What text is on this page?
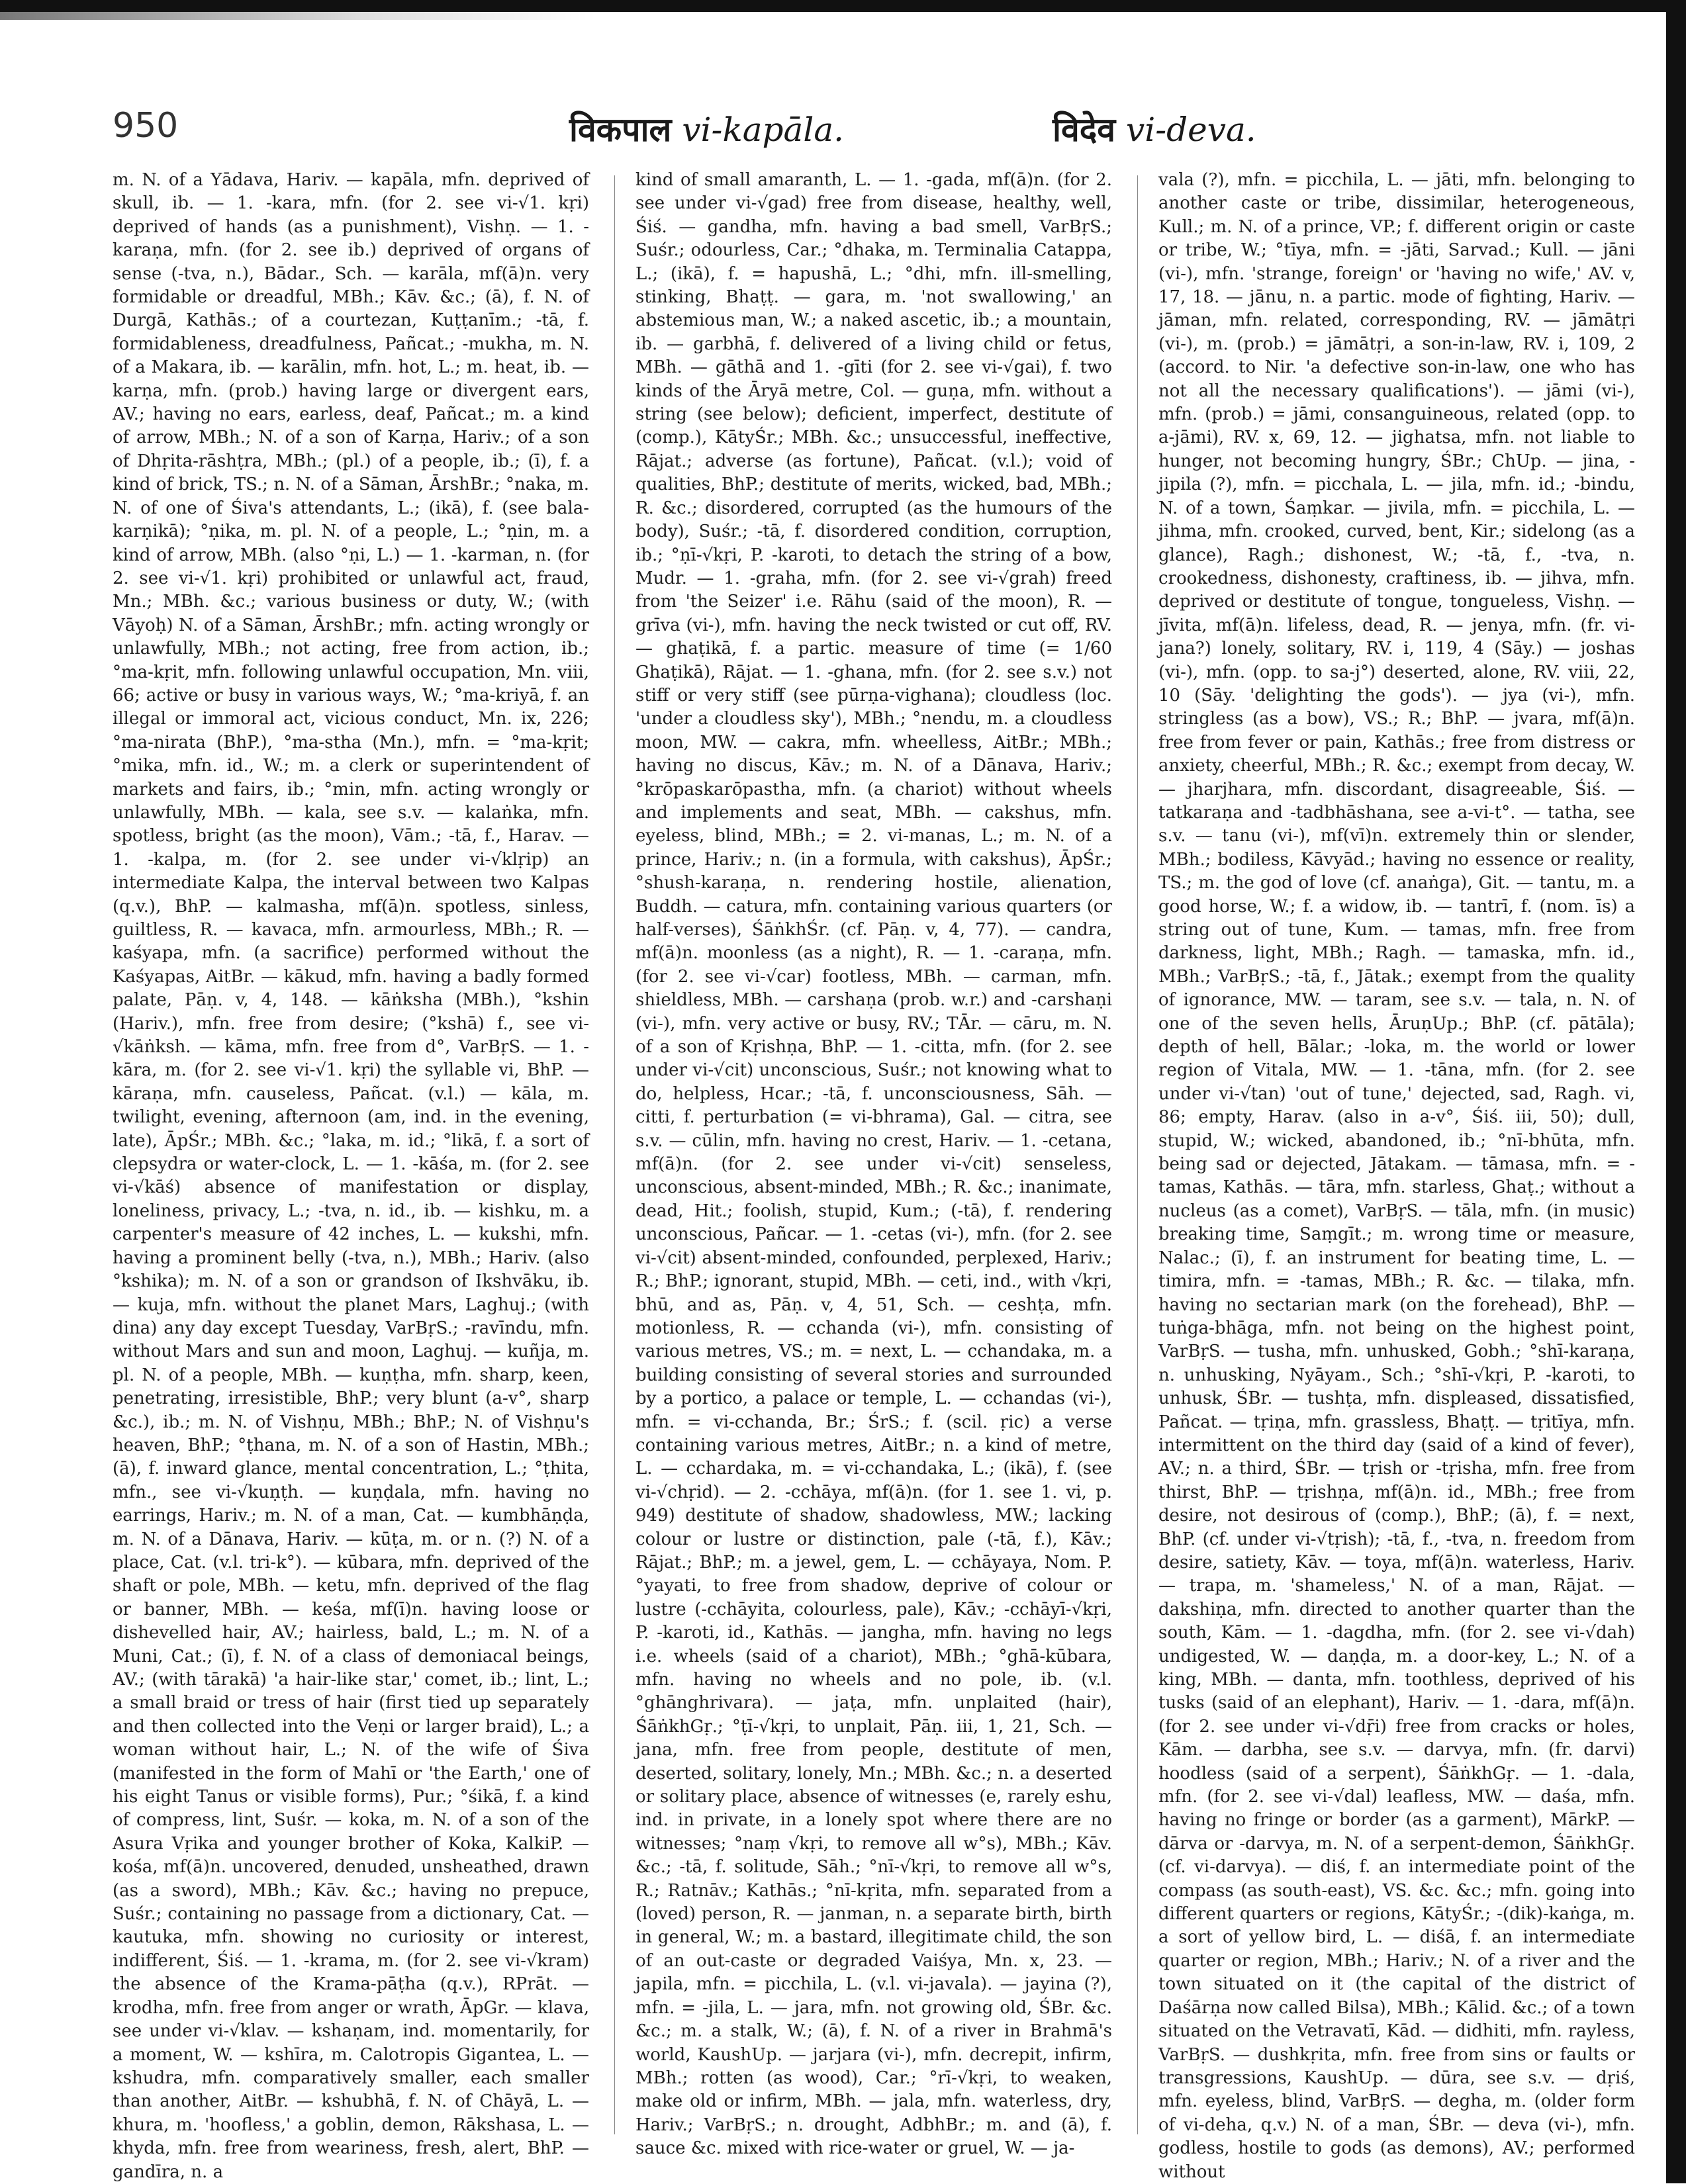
950	विकपाल vi-kapāla.	विदेव vi-deva.
m. N. of a Yādava, Hariv. — kapāla, mfn. deprived of skull, ib. — 1. -kara, mfn. (for 2. see vi-√1. kṛi) deprived of hands (as a punishment), Vishṇ. — 1. -karaṇa, mfn. (for 2. see ib.) deprived of organs of sense (-tva, n.), Bādar., Sch. — karāla, mf(ā)n. very formidable or dreadful, MBh.; Kāv. &c.; (ā), f. N. of Durgā, Kathās.; of a courtezan, Kuṭṭanīm.; -tā, f. formidableness, dreadfulness, Pañcat.; -mukha, m. N. of a Makara, ib. — karālin, mfn. hot, L.; m. heat, ib. — karṇa, mfn. (prob.) having large or divergent ears, AV.; having no ears, earless, deaf, Pañcat.; m. a kind of arrow, MBh.; N. of a son of Karṇa, Hariv.; of a son of Dhṛita-rāshṭra, MBh.; (pl.) of a people, ib.; (ī), f. a kind of brick, TS.; n. N. of a Sāman, ĀrshBr.; °naka, m. N. of one of Śiva's attendants, L.; (ikā), f. (see bala-karṇikā); °ṇika, m. pl. N. of a people, L.; °ṇin, m. a kind of arrow, MBh. (also °ṇi, L.) — 1. -karman, n. (for 2. see vi-√1. kṛi) prohibited or unlawful act, fraud, Mn.; MBh. &c.; various business or duty, W.; (with Vāyoḥ) N. of a Sāman, ĀrshBr.; mfn. acting wrongly or unlawfully, MBh.; not acting, free from action, ib.; °ma-kṛit, mfn. following unlawful occupation, Mn. viii, 66; active or busy in various ways, W.; °ma-kriyā, f. an illegal or immoral act, vicious conduct, Mn. ix, 226; °ma-nirata (BhP.), °ma-stha (Mn.), mfn. = °ma-kṛit; °mika, mfn. id., W.; m. a clerk or superintendent of markets and fairs, ib.; °min, mfn. acting wrongly or unlawfully, MBh. — kala, see s.v. — kalaṅka, mfn. spotless, bright (as the moon), Vām.; -tā, f., Harav. — 1. -kalpa, m. (for 2. see under vi-√klṛip) an intermediate Kalpa, the interval between two Kalpas (q.v.), BhP. — kalmasha, mf(ā)n. spotless, sinless, guiltless, R. — kavaca, mfn. armourless, MBh.; R. — kaśyapa, mfn. (a sacrifice) performed without the Kaśyapas, AitBr. — kākud, mfn. having a badly formed palate, Pāṇ. v, 4, 148. — kāṅksha (MBh.), °kshin (Hariv.), mfn. free from desire; (°kshā) f., see vi-√kāṅksh. — kāma, mfn. free from d°, VarBṛS. — 1. -kāra, m. (for 2. see vi-√1. kṛi) the syllable vi, BhP. — kāraṇa, mfn. causeless, Pañcat. (v.l.) — kāla, m. twilight, evening, afternoon (am, ind. in the evening, late), ĀpŚr.; MBh. &c.; °laka, m. id.; °likā, f. a sort of clepsydra or water-clock, L. — 1. -kāśa, m. (for 2. see vi-√kāś) absence of manifestation or display, loneliness, privacy, L.; -tva, n. id., ib. — kishku, m. a carpenter's measure of 42 inches, L. — kukshi, mfn. having a prominent belly (-tva, n.), MBh.; Hariv. (also °kshika); m. N. of a son or grandson of Ikshvāku, ib. — kuja, mfn. without the planet Mars, Laghuj.; (with dina) any day except Tuesday, VarBṛS.; -ravīndu, mfn. without Mars and sun and moon, Laghuj. — kuñja, m. pl. N. of a people, MBh. — kuṇṭha, mfn. sharp, keen, penetrating, irresistible, BhP.; very blunt (a-v°, sharp &c.), ib.; m. N. of Vishṇu, MBh.; BhP.; N. of Vishṇu's heaven, BhP.; °ṭhana, m. N. of a son of Hastin, MBh.; (ā), f. inward glance, mental concentration, L.; °ṭhita, mfn., see vi-√kuṇṭh. — kuṇḍala, mfn. having no earrings, Hariv.; m. N. of a man, Cat. — kumbhāṇḍa, m. N. of a Dānava, Hariv. — kūṭa, m. or n. (?) N. of a place, Cat. (v.l. tri-k°). — kūbara, mfn. deprived of the shaft or pole, MBh. — ketu, mfn. deprived of the flag or banner, MBh. — keśa, mf(ī)n. having loose or dishevelled hair, AV.; hairless, bald, L.; m. N. of a Muni, Cat.; (ī), f. N. of a class of demoniacal beings, AV.; (with tārakā) 'a hair-like star,' comet, ib.; lint, L.; a small braid or tress of hair (first tied up separately and then collected into the Veṇi or larger braid), L.; a woman without hair, L.; N. of the wife of Śiva (manifested in the form of Mahī or 'the Earth,' one of his eight Tanus or visible forms), Pur.; °śikā, f. a kind of compress, lint, Suśr. — koka, m. N. of a son of the Asura Vṛika and younger brother of Koka, KalkiP. — kośa, mf(ā)n. uncovered, denuded, unsheathed, drawn (as a sword), MBh.; Kāv. &c.; having no prepuce, Suśr.; containing no passage from a dictionary, Cat. — kautuka, mfn. showing no curiosity or interest, indifferent, Śiś. — 1. -krama, m. (for 2. see vi-√kram) the absence of the Krama-pāṭha (q.v.), RPrāt. — krodha, mfn. free from anger or wrath, ĀpGr. — klava, see under vi-√klav. — kshaṇam, ind. momentarily, for a moment, W. — kshīra, m. Calotropis Gigantea, L. — kshudra, mfn. comparatively smaller, each smaller than another, AitBr. — kshubhā, f. N. of Chāyā, L. — khura, m. 'hoofless,' a goblin, demon, Rākshasa, L. — khyda, mfn. free from weariness, fresh, alert, BhP. — gandīra, n. a
kind of small amaranth, L. — 1. -gada, mf(ā)n. (for 2. see under vi-√gad) free from disease, healthy, well, Śiś. — gandha, mfn. having a bad smell, VarBṛS.; Suśr.; odourless, Car.; °dhaka, m. Terminalia Catappa, L.; (ikā), f. = hapushā, L.; °dhi, mfn. ill-smelling, stinking, Bhaṭṭ. — gara, m. 'not swallowing,' an abstemious man, W.; a naked ascetic, ib.; a mountain, ib. — garbhā, f. delivered of a living child or fetus, MBh. — gāthā and 1. -gīti (for 2. see vi-√gai), f. two kinds of the Āryā metre, Col. — guṇa, mfn. without a string (see below); deficient, imperfect, destitute of (comp.), KātyŚr.; MBh. &c.; unsuccessful, ineffective, Rājat.; adverse (as fortune), Pañcat. (v.l.); void of qualities, BhP.; destitute of merits, wicked, bad, MBh.; R. &c.; disordered, corrupted (as the humours of the body), Suśr.; -tā, f. disordered condition, corruption, ib.; °ṇī-√kṛi, P. -karoti, to detach the string of a bow, Mudr. — 1. -graha, mfn. (for 2. see vi-√grah) freed from 'the Seizer' i.e. Rāhu (said of the moon), R. — grīva (vi-), mfn. having the neck twisted or cut off, RV. — ghaṭikā, f. a partic. measure of time (= 1/60 Ghaṭikā), Rājat. — 1. -ghana, mfn. (for 2. see s.v.) not stiff or very stiff (see pūrṇa-vighana); cloudless (loc. 'under a cloudless sky'), MBh.; °nendu, m. a cloudless moon, MW. — cakra, mfn. wheelless, AitBr.; MBh.; having no discus, Kāv.; m. N. of a Dānava, Hariv.; °krōpaskarōpastha, mfn. (a chariot) without wheels and implements and seat, MBh. — cakshus, mfn. eyeless, blind, MBh.; = 2. vi-manas, L.; m. N. of a prince, Hariv.; n. (in a formula, with cakshus), ĀpŚr.; °shush-karaṇa, n. rendering hostile, alienation, Buddh. — catura, mfn. containing various quarters (or half-verses), ŚāṅkhŚr. (cf. Pāṇ. v, 4, 77). — candra, mf(ā)n. moonless (as a night), R. — 1. -caraṇa, mfn. (for 2. see vi-√car) footless, MBh. — carman, mfn. shieldless, MBh. — carshaṇa (prob. w.r.) and -carshaṇi (vi-), mfn. very active or busy, RV.; TĀr. — cāru, m. N. of a son of Kṛishṇa, BhP. — 1. -citta, mfn. (for 2. see under vi-√cit) unconscious, Suśr.; not knowing what to do, helpless, Hcar.; -tā, f. unconsciousness, Sāh. — citti, f. perturbation (= vi-bhrama), Gal. — citra, see s.v. — cūlin, mfn. having no crest, Hariv. — 1. -cetana, mf(ā)n. (for 2. see under vi-√cit) senseless, unconscious, absent-minded, MBh.; R. &c.; inanimate, dead, Hit.; foolish, stupid, Kum.; (-tā), f. rendering unconscious, Pañcar. — 1. -cetas (vi-), mfn. (for 2. see vi-√cit) absent-minded, confounded, perplexed, Hariv.; R.; BhP.; ignorant, stupid, MBh. — ceti, ind., with √kṛi, bhū, and as, Pāṇ. v, 4, 51, Sch. — ceshṭa, mfn. motionless, R. — cchanda (vi-), mfn. consisting of various metres, VS.; m. = next, L. — cchandaka, m. a building consisting of several stories and surrounded by a portico, a palace or temple, L. — cchandas (vi-), mfn. = vi-cchanda, Br.; ŚrS.; f. (scil. ṛic) a verse containing various metres, AitBr.; n. a kind of metre, L. — cchardaka, m. = vi-cchandaka, L.; (ikā), f. (see vi-√chṛid). — 2. -cchāya, mf(ā)n. (for 1. see 1. vi, p. 949) destitute of shadow, shadowless, MW.; lacking colour or lustre or distinction, pale (-tā, f.), Kāv.; Rājat.; BhP.; m. a jewel, gem, L. — cchāyaya, Nom. P. °yayati, to free from shadow, deprive of colour or lustre (-cchāyita, colourless, pale), Kāv.; -cchāyī-√kṛi, P. -karoti, id., Kathās. — jangha, mfn. having no legs i.e. wheels (said of a chariot), MBh.; °ghā-kūbara, mfn. having no wheels and no pole, ib. (v.l. °ghānghrivara). — jaṭa, mfn. unplaited (hair), ŚāṅkhGṛ.; °ṭī-√kṛi, to unplait, Pāṇ. iii, 1, 21, Sch. — jana, mfn. free from people, destitute of men, deserted, solitary, lonely, Mn.; MBh. &c.; n. a deserted or solitary place, absence of witnesses (e, rarely eshu, ind. in private, in a lonely spot where there are no witnesses; °naṃ √kṛi, to remove all w°s), MBh.; Kāv. &c.; -tā, f. solitude, Sāh.; °nī-√kṛi, to remove all w°s, R.; Ratnāv.; Kathās.; °nī-kṛita, mfn. separated from a (loved) person, R. — janman, n. a separate birth, birth in general, W.; m. a bastard, illegitimate child, the son of an out-caste or degraded Vaiśya, Mn. x, 23. — japila, mfn. = picchila, L. (v.l. vi-javala). — jayina (?), mfn. = -jila, L. — jara, mfn. not growing old, ŚBr. &c. &c.; m. a stalk, W.; (ā), f. N. of a river in Brahmā's world, KaushUp. — jarjara (vi-), mfn. decrepit, infirm, MBh.; rotten (as wood), Car.; °rī-√kṛi, to weaken, make old or infirm, MBh. — jala, mfn. waterless, dry, Hariv.; VarBṛS.; n. drought, AdbhBr.; m. and (ā), f. sauce &c. mixed with rice-water or gruel, W. — ja-
vala (?), mfn. = picchila, L. — jāti, mfn. belonging to another caste or tribe, dissimilar, heterogeneous, Kull.; m. N. of a prince, VP.; f. different origin or caste or tribe, W.; °tīya, mfn. = -jāti, Sarvad.; Kull. — jāni (vi-), mfn. 'strange, foreign' or 'having no wife,' AV. v, 17, 18. — jānu, n. a partic. mode of fighting, Hariv. — jāman, mfn. related, corresponding, RV. — jāmātṛi (vi-), m. (prob.) = jāmātṛi, a son-in-law, RV. i, 109, 2 (accord. to Nir. 'a defective son-in-law, one who has not all the necessary qualifications'). — jāmi (vi-), mfn. (prob.) = jāmi, consanguineous, related (opp. to a-jāmi), RV. x, 69, 12. — jighatsa, mfn. not liable to hunger, not becoming hungry, ŚBr.; ChUp. — jina, -jipila (?), mfn. = picchala, L. — jila, mfn. id.; -bindu, N. of a town, Śaṃkar. — jivila, mfn. = picchila, L. — jihma, mfn. crooked, curved, bent, Kir.; sidelong (as a glance), Ragh.; dishonest, W.; -tā, f., -tva, n. crookedness, dishonesty, craftiness, ib. — jihva, mfn. deprived or destitute of tongue, tongueless, Vishṇ. — jīvita, mf(ā)n. lifeless, dead, R. — jenya, mfn. (fr. vi-jana?) lonely, solitary, RV. i, 119, 4 (Sāy.) — joshas (vi-), mfn. (opp. to sa-j°) deserted, alone, RV. viii, 22, 10 (Sāy. 'delighting the gods'). — jya (vi-), mfn. stringless (as a bow), VS.; R.; BhP. — jvara, mf(ā)n. free from fever or pain, Kathās.; free from distress or anxiety, cheerful, MBh.; R. &c.; exempt from decay, W. — jharjhara, mfn. discordant, disagreeable, Śiś. — tatkaraṇa and -tadbhāshana, see a-vi-t°. — tatha, see s.v. — tanu (vi-), mf(vī)n. extremely thin or slender, MBh.; bodiless, Kāvyād.; having no essence or reality, TS.; m. the god of love (cf. anaṅga), Git. — tantu, m. a good horse, W.; f. a widow, ib. — tantrī, f. (nom. īs) a string out of tune, Kum. — tamas, mfn. free from darkness, light, MBh.; Ragh. — tamaska, mfn. id., MBh.; VarBṛS.; -tā, f., Jātak.; exempt from the quality of ignorance, MW. — taram, see s.v. — tala, n. N. of one of the seven hells, ĀruṇUp.; BhP. (cf. pātāla); depth of hell, Bālar.; -loka, m. the world or lower region of Vitala, MW. — 1. -tāna, mfn. (for 2. see under vi-√tan) 'out of tune,' dejected, sad, Ragh. vi, 86; empty, Harav. (also in a-v°, Śiś. iii, 50); dull, stupid, W.; wicked, abandoned, ib.; °nī-bhūta, mfn. being sad or dejected, Jātakam. — tāmasa, mfn. = -tamas, Kathās. — tāra, mfn. starless, Ghaṭ.; without a nucleus (as a comet), VarBṛS. — tāla, mfn. (in music) breaking time, Saṃgīt.; m. wrong time or measure, Nalac.; (ī), f. an instrument for beating time, L. — timira, mfn. = -tamas, MBh.; R. &c. — tilaka, mfn. having no sectarian mark (on the forehead), BhP. — tuṅga-bhāga, mfn. not being on the highest point, VarBṛS. — tusha, mfn. unhusked, Gobh.; °shī-karaṇa, n. unhusking, Nyāyam., Sch.; °shī-√kṛi, P. -karoti, to unhusk, ŚBr. — tushṭa, mfn. displeased, dissatisfied, Pañcat. — tṛiṇa, mfn. grassless, Bhaṭṭ. — tṛitīya, mfn. intermittent on the third day (said of a kind of fever), AV.; n. a third, ŚBr. — tṛish or -tṛisha, mfn. free from thirst, BhP. — tṛishṇa, mf(ā)n. id., MBh.; free from desire, not desirous of (comp.), BhP.; (ā), f. = next, BhP. (cf. under vi-√tṛish); -tā, f., -tva, n. freedom from desire, satiety, Kāv. — toya, mf(ā)n. waterless, Hariv. — trapa, m. 'shameless,' N. of a man, Rājat. — dakshiṇa, mfn. directed to another quarter than the south, Kām. — 1. -dagdha, mfn. (for 2. see vi-√dah) undigested, W. — daṇḍa, m. a door-key, L.; N. of a king, MBh. — danta, mfn. toothless, deprived of his tusks (said of an elephant), Hariv. — 1. -dara, mf(ā)n. (for 2. see under vi-√dṝi) free from cracks or holes, Kām. — darbha, see s.v. — darvya, mfn. (fr. darvi) hoodless (said of a serpent), ŚāṅkhGṛ. — 1. -dala, mfn. (for 2. see vi-√dal) leafless, MW. — daśa, mfn. having no fringe or border (as a garment), MārkP. — dārva or -darvya, m. N. of a serpent-demon, ŚāṅkhGṛ. (cf. vi-darvya). — diś, f. an intermediate point of the compass (as south-east), VS. &c. &c.; mfn. going into different quarters or regions, KātyŚr.; -(dik)-kaṅga, m. a sort of yellow bird, L. — diśā, f. an intermediate quarter or region, MBh.; Hariv.; N. of a river and the town situated on it (the capital of the district of Daśārṇa now called Bilsa), MBh.; Kālid. &c.; of a town situated on the Vetravatī, Kād. — didhiti, mfn. rayless, VarBṛS. — dushkṛita, mfn. free from sins or faults or transgressions, KaushUp. — dūra, see s.v. — dṛiś, mfn. eyeless, blind, VarBṛS. — degha, m. (older form of vi-deha, q.v.) N. of a man, ŚBr. — deva (vi-), mfn. godless, hostile to gods (as demons), AV.; performed without
